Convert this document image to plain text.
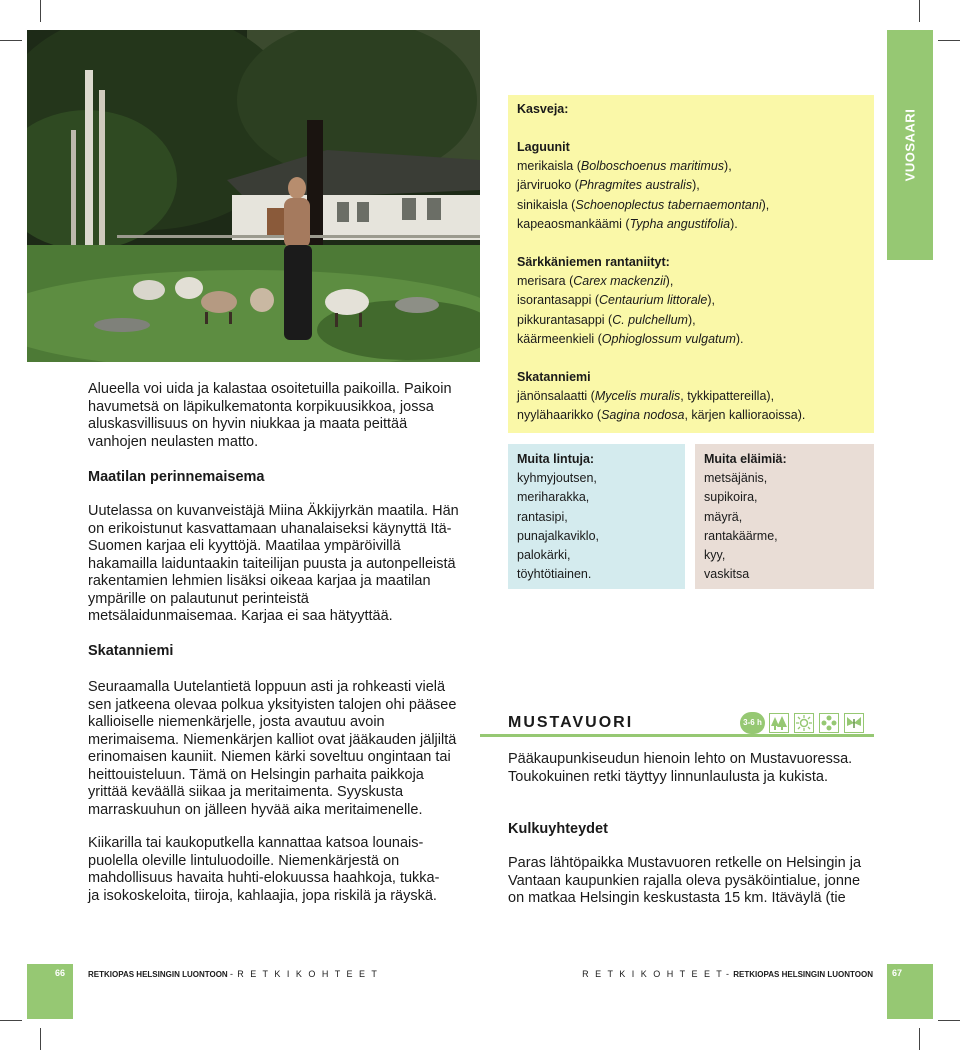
VUOSAARI
Alueella voi uida ja kalastaa osoitetuilla paikoilla. Paikoin havumetsä on läpikulkematonta korpikuusikkoa, jossa aluskasvillisuus on hyvin niukkaa ja maata peittää vanhojen neulasten matto.
Maatilan perinnemaisema
Uutelassa on kuvanveistäjä Miina Äkkijyrkän maatila. Hän on erikoistunut kasvattamaan uhanalaiseksi käynyttä Itä-Suomen karjaa eli kyyttöjä. Maatilaa ympäröivillä hakamailla laiduntaakin taiteilijan puusta ja autonpelleistä rakentamien lehmien lisäksi oikeaa karjaa ja maatilan ympärille on palautunut perinteistä metsälaidunmaisemaa. Karjaa ei saa hätyyttää.
Skatanniemi
Seuraamalla Uutelantietä loppuun asti ja rohkeasti vielä sen jatkeena olevaa polkua yksityisten talojen ohi pääsee kallioiselle niemenkärjelle, josta avautuu avoin merimaisema. Niemenkärjen kalliot ovat jääkauden jäljiltä erinomaisen kauniit. Niemen kärki soveltuu ongintaan tai heittouisteluun. Tämä on Helsingin parhaita paikkoja yrittää keväällä siikaa ja meritaimenta. Syyskusta marraskuuhun on jälleen hyvää aika meritaimenelle.
Kiikarilla tai kaukoputkella kannattaa katsoa lounais-puolella oleville lintuluodoille. Niemenkärjestä on mahdollisuus havaita huhti-elokuussa haahkoja, tukka-ja isokoskeloita, tiiroja, kahlaajia, jopa riskilä ja räyskä.
Kasveja:
Laguunit
merikaisla (Bolboschoenus maritimus),
järviruoko (Phragmites australis),
sinikaisla (Schoenoplectus tabernaemontani),
kapeaosmankäämi (Typha angustifolia).
Särkkäniemen rantaniityt:
merisara (Carex mackenzii),
isorantasappi (Centaurium littorale),
pikkurantasappi (C. pulchellum),
käärmeenkieli (Ophioglossum vulgatum).
Skatanniemi
jänönsalaatti (Mycelis muralis, tykkipattereilla),
nyylähaarikko (Sagina nodosa, kärjen kallioraoissa).
Muita lintuja:
kyhmyjoutsen,
meriharakka,
rantasipi,
punajalkaviklo,
palokärki,
töyhtötiainen.
Muita eläimiä:
metsäjänis,
supikoira,
mäyrä,
rantakäärme,
kyy,
vaskitsa
MUSTAVUORI	3-6 h
Pääkaupunkiseudun hienoin lehto on Mustavuoressa. Toukokuinen retki täyttyy linnunlaulusta ja kukista.
Kulkuyhteydet
Paras lähtöpaikka Mustavuoren retkelle on Helsingin ja Vantaan kaupunkien rajalla oleva pysäköintialue, jonne on matkaa Helsingin keskustasta 15 km. Itäväylä (tie
66	67
RETKIOPAS HELSINGIN LUONTOON - R E T K I K O H T E E T	R E T K I K O H T E E T - RETKIOPAS HELSINGIN LUONTOON
